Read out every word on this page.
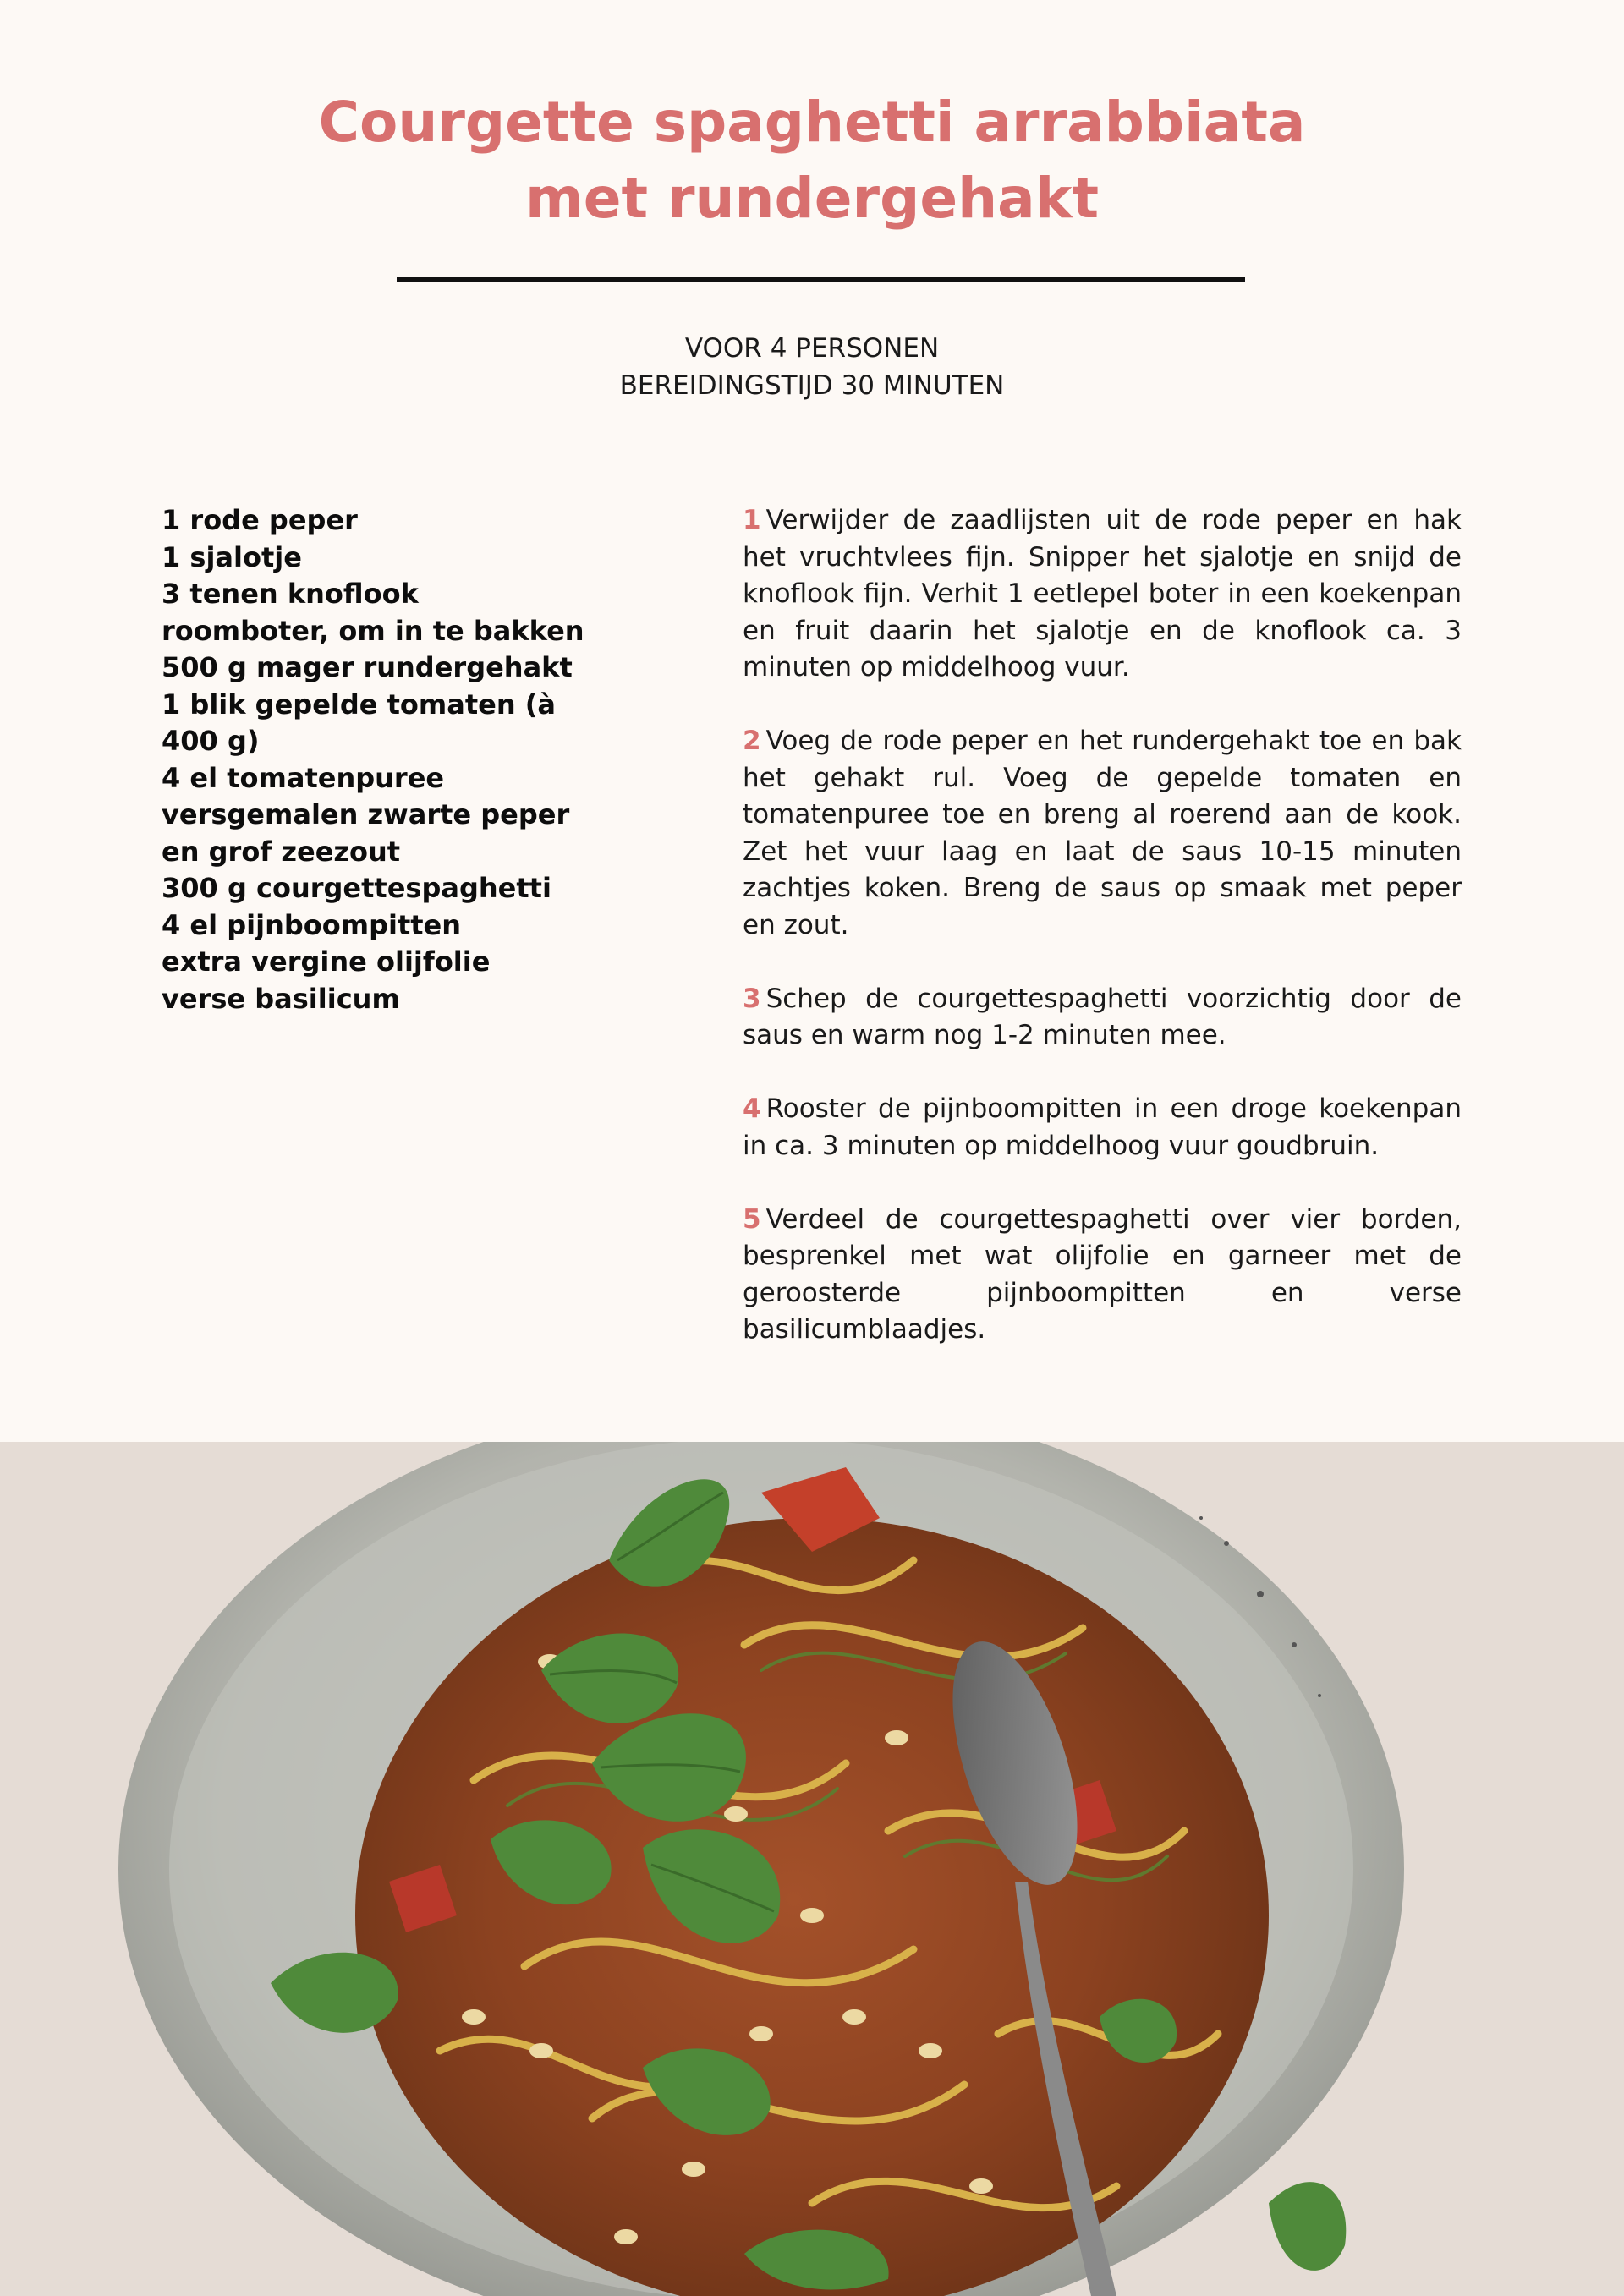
Courgette spaghetti arrabbiata met rundergehakt
VOOR 4 PERSONEN
BEREIDINGSTIJD 30 MINUTEN
1 rode peper
1 sjalotje
3 tenen knoflook
roomboter, om in te bakken
500 g mager rundergehakt
1 blik gepelde tomaten (à 400 g)
4 el tomatenpuree
versgemalen zwarte peper en grof zeezout
300 g courgettespaghetti
4 el pijnboompitten
extra vergine olijfolie
verse basilicum

1 Verwijder de zaadlijsten uit de rode peper en hak het vruchtvlees fijn. Snipper het sjalotje en snijd de knoflook fijn. Verhit 1 eetlepel boter in een koekenpan en fruit daarin het sjalotje en de knoflook ca. 3 minuten op middelhoog vuur.

2 Voeg de rode peper en het rundergehakt toe en bak het gehakt rul. Voeg de gepelde tomaten en tomatenpuree toe en breng al roerend aan de kook. Zet het vuur laag en laat de saus 10-15 minuten zachtjes koken. Breng de saus op smaak met peper en zout.

3 Schep de courgettespaghetti voorzichtig door de saus en warm nog 1-2 minuten mee.

4 Rooster de pijnboompitten in een droge koekenpan in ca. 3 minuten op middelhoog vuur goudbruin.

5 Verdeel de courgettespaghetti over vier borden, besprenkel met wat olijfolie en garneer met de geroosterde pijnboompitten en verse basilicumblaadjes.
